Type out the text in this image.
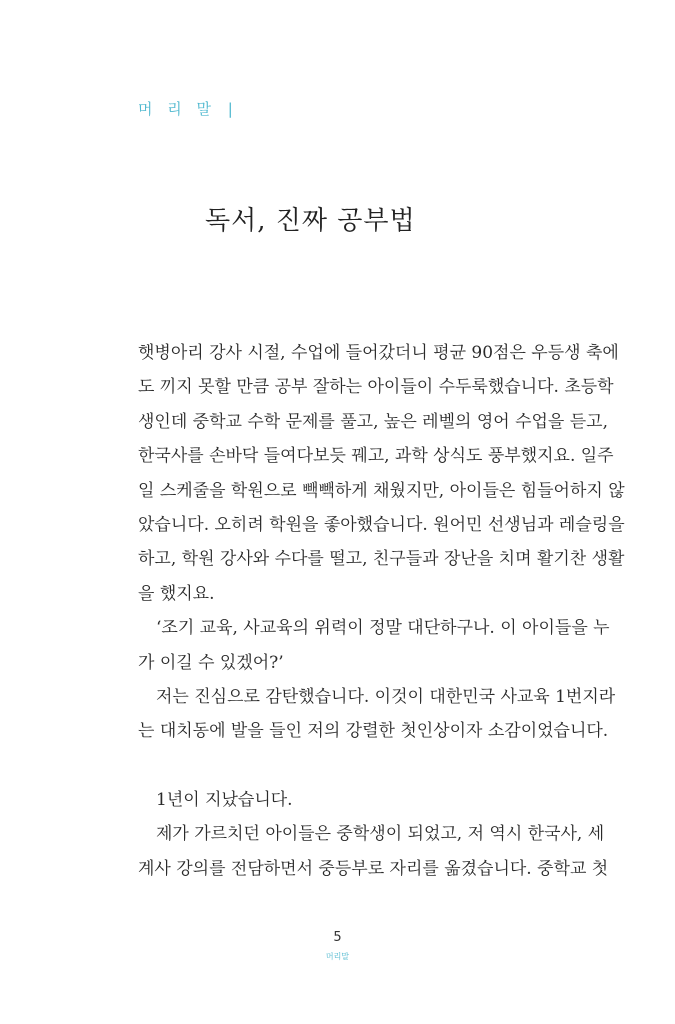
머 리 말 |
독서, 진짜 공부법
햇병아리 강사 시절, 수업에 들어갔더니 평균 90점은 우등생 축에
도 끼지 못할 만큼 공부 잘하는 아이들이 수두룩했습니다. 초등학
생인데 중학교 수학 문제를 풀고, 높은 레벨의 영어 수업을 듣고,
한국사를 손바닥 들여다보듯 꿰고, 과학 상식도 풍부했지요. 일주
일 스케줄을 학원으로 빽빽하게 채웠지만, 아이들은 힘들어하지 않
았습니다. 오히려 학원을 좋아했습니다. 원어민 선생님과 레슬링을
하고, 학원 강사와 수다를 떨고, 친구들과 장난을 치며 활기찬 생활
을 했지요.
‘조기 교육, 사교육의 위력이 정말 대단하구나. 이 아이들을 누
가 이길 수 있겠어?’
저는 진심으로 감탄했습니다. 이것이 대한민국 사교육 1번지라
는 대치동에 발을 들인 저의 강렬한 첫인상이자 소감이었습니다.
1년이 지났습니다.
제가 가르치던 아이들은 중학생이 되었고, 저 역시 한국사, 세
계사 강의를 전담하면서 중등부로 자리를 옮겼습니다. 중학교 첫
5
머리말
